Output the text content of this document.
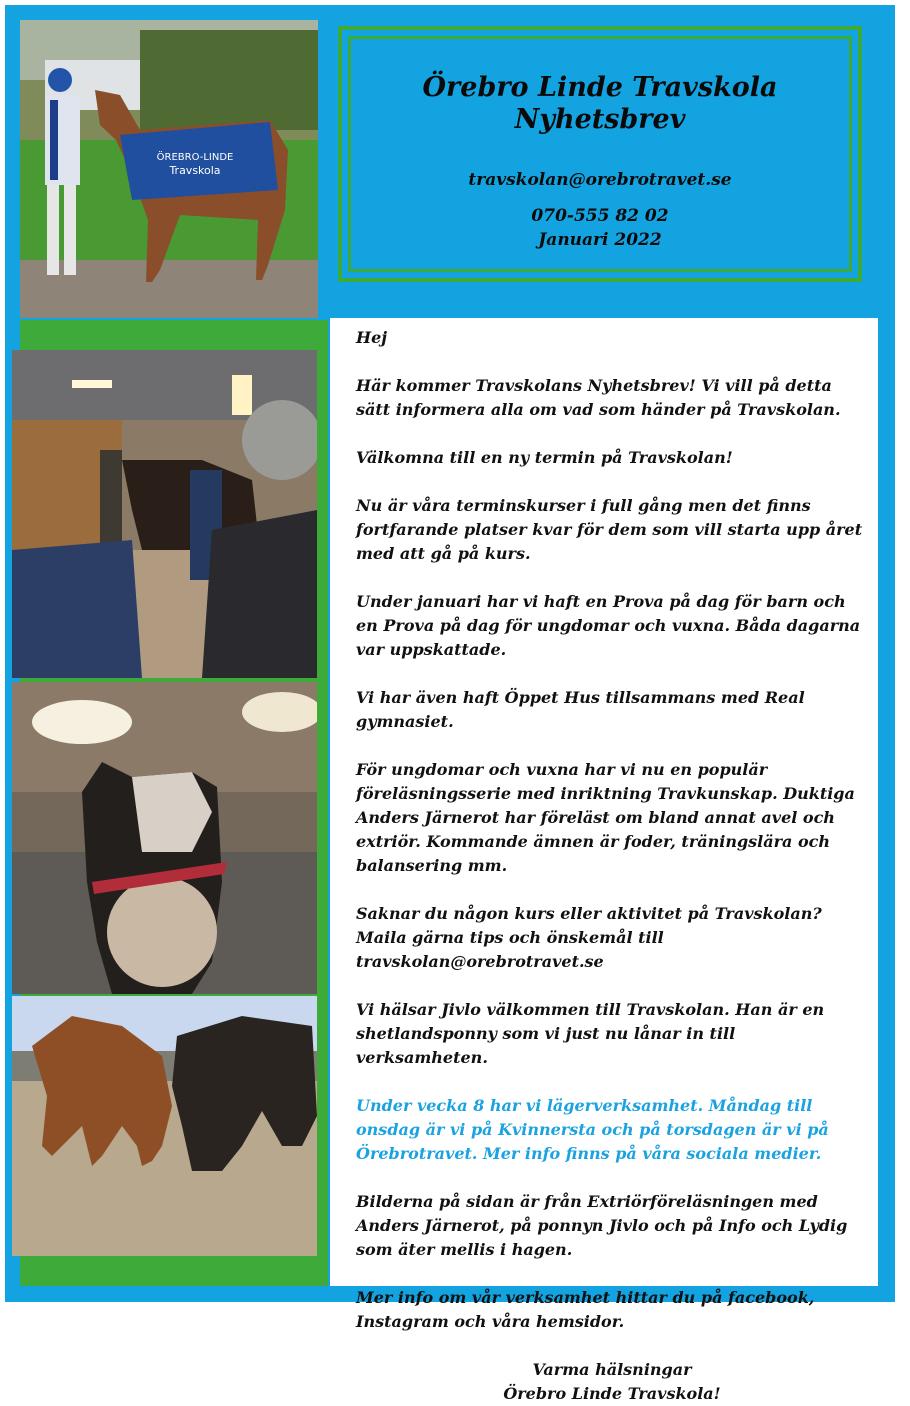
ÖREBRO-LINDE
Travskola
Örebro Linde Travskola
Nyhetsbrev
travskolan@orebrotravet.se
070-555 82 02
Januari 2022

Hej

Här kommer Travskolans Nyhetsbrev! Vi vill på detta sätt informera alla om vad som händer på Travskolan.

Välkomna till en ny termin på Travskolan!

Nu är våra terminskurser i full gång men det finns fortfarande platser kvar för dem som vill starta upp året med att gå på kurs.

Under januari har vi haft en Prova på dag för barn och en Prova på dag för ungdomar och vuxna. Båda dagarna var uppskattade.

Vi har även haft Öppet Hus tillsammans med Real gymnasiet.

För ungdomar och vuxna har vi nu en populär föreläsningsserie med inriktning Travkunskap. Duktiga Anders Järnerot har föreläst om bland annat avel och extriör. Kommande ämnen är foder, träningslära och balansering mm.

Saknar du någon kurs eller aktivitet på Travskolan? Maila gärna tips och önskemål till travskolan@orebrotravet.se

Vi hälsar Jivlo välkommen till Travskolan. Han är en shetlandsponny som vi just nu lånar in till verksamheten.

Under vecka 8 har vi lägerverksamhet. Måndag till onsdag är vi på Kvinnersta och på torsdagen är vi på Örebrotravet. Mer info finns på våra sociala medier.

Bilderna på sidan är från Extriörföreläsningen med Anders Järnerot, på ponnyn Jivlo och på Info och Lydig som äter mellis i hagen.

Mer info om vår verksamhet hittar du på facebook, Instagram och våra hemsidor.

Varma hälsningar
Örebro Linde Travskola!
